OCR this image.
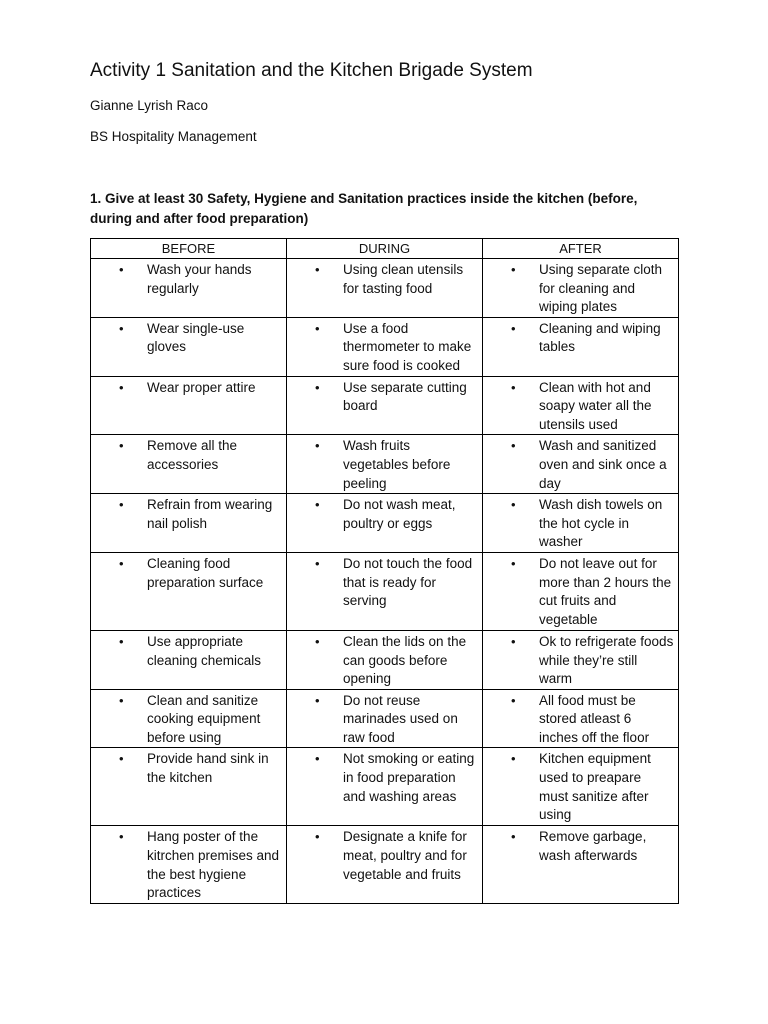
Activity 1 Sanitation and the Kitchen Brigade System
Gianne Lyrish Raco
BS Hospitality Management
1. Give at least 30 Safety, Hygiene and Sanitation practices inside the kitchen (before, during and after food preparation)
BEFORE	DURING	AFTER

• Wash your hands regularly	• Using clean utensils for tasting food	• Using separate cloth for cleaning and wiping plates

• Wear single-use gloves	• Use a food thermometer to make sure food is cooked	• Cleaning and wiping tables

• Wear proper attire	• Use separate cutting board	• Clean with hot and soapy water all the utensils used

• Remove all the accessories	• Wash fruits vegetables before peeling	• Wash and sanitized oven and sink once a day

• Refrain from wearing nail polish	• Do not wash meat, poultry or eggs	• Wash dish towels on the hot cycle in washer

• Cleaning food preparation surface	• Do not touch the food that is ready for serving	• Do not leave out for more than 2 hours the cut fruits and vegetable

• Use appropriate cleaning chemicals	• Clean the lids on the can goods before opening	• Ok to refrigerate foods while they’re still warm

• Clean and sanitize cooking equipment before using	• Do not reuse marinades used on raw food	• All food must be stored atleast 6 inches off the floor

• Provide hand sink in the kitchen	• Not smoking or eating in food preparation and washing areas	• Kitchen equipment used to preapare must sanitize after using

• Hang poster of the kitrchen premises and the best hygiene practices	• Designate a knife for meat, poultry and for vegetable and fruits	• Remove garbage, wash afterwards
